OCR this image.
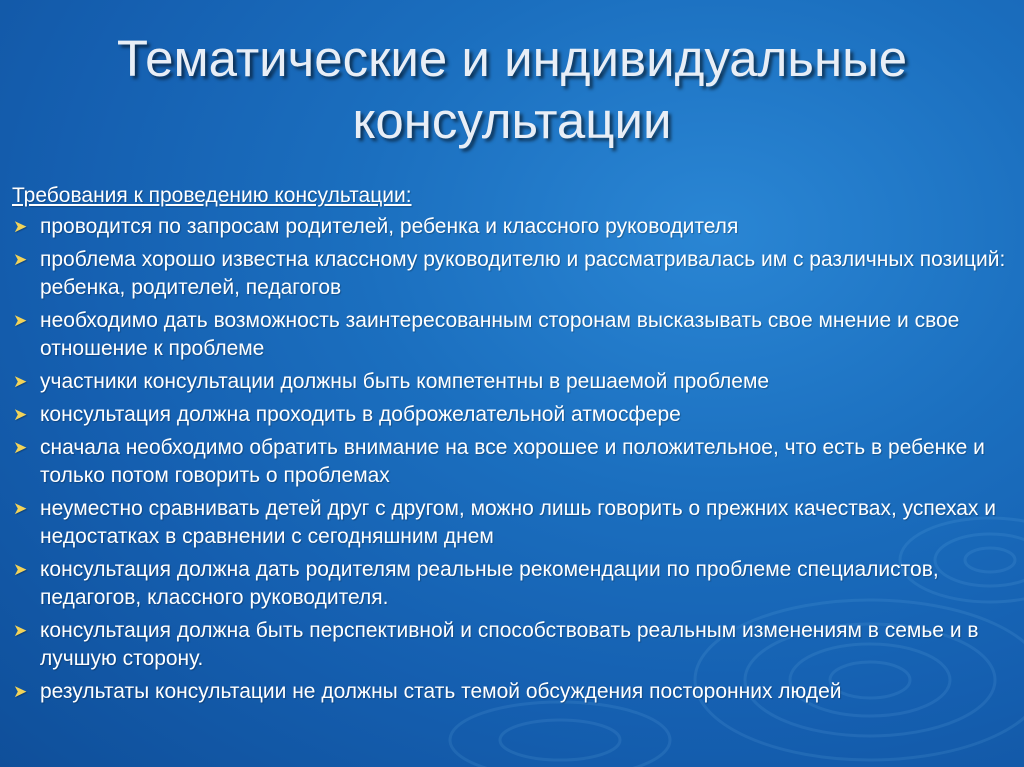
Тематические и индивидуальные
консультации

Требования к проведению консультации:

➤ проводится по запросам родителей, ребенка и классного руководителя
➤ проблема хорошо известна классному руководителю и рассматривалась им с различных позиций: ребенка, родителей, педагогов
➤ необходимо дать возможность заинтересованным сторонам высказывать свое мнение и свое отношение к проблеме
➤ участники консультации должны быть компетентны в решаемой проблеме
➤ консультация должна проходить в доброжелательной атмосфере
➤ сначала необходимо обратить внимание на все хорошее и положительное, что есть в ребенке и только потом говорить о проблемах
➤ неуместно сравнивать детей друг с другом, можно лишь говорить о прежних качествах, успехах и недостатках в сравнении с сегодняшним днем
➤ консультация должна дать родителям реальные рекомендации по проблеме специалистов, педагогов, классного руководителя.
➤ консультация должна быть перспективной и способствовать реальным изменениям в семье и в лучшую сторону.
➤ результаты консультации не должны стать темой обсуждения посторонних людей
